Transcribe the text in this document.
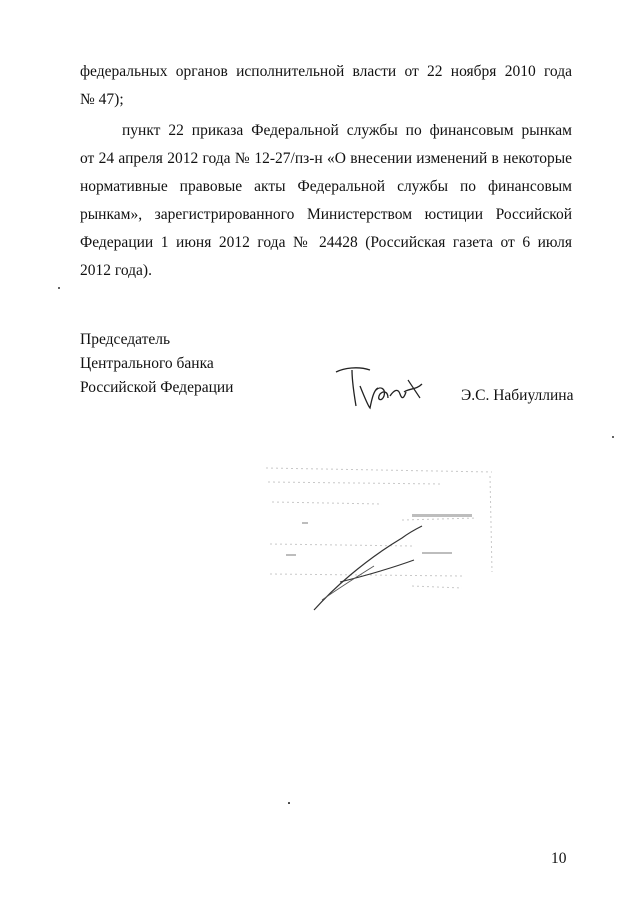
федеральных органов исполнительной власти от 22 ноября 2010 года
№ 47);

пункт 22 приказа Федеральной службы по финансовым рынкам
от 24 апреля 2012 года № 12-27/пз-н «О внесении изменений в некоторые
нормативные правовые акты Федеральной службы по финансовым
рынкам», зарегистрированного Министерством юстиции Российской
Федерации 1 июня 2012 года № 24428 (Российская газета от 6 июля
2012 года).

Председатель
Центрального банка
Российской Федерации	Э.С. Набиуллина
10
